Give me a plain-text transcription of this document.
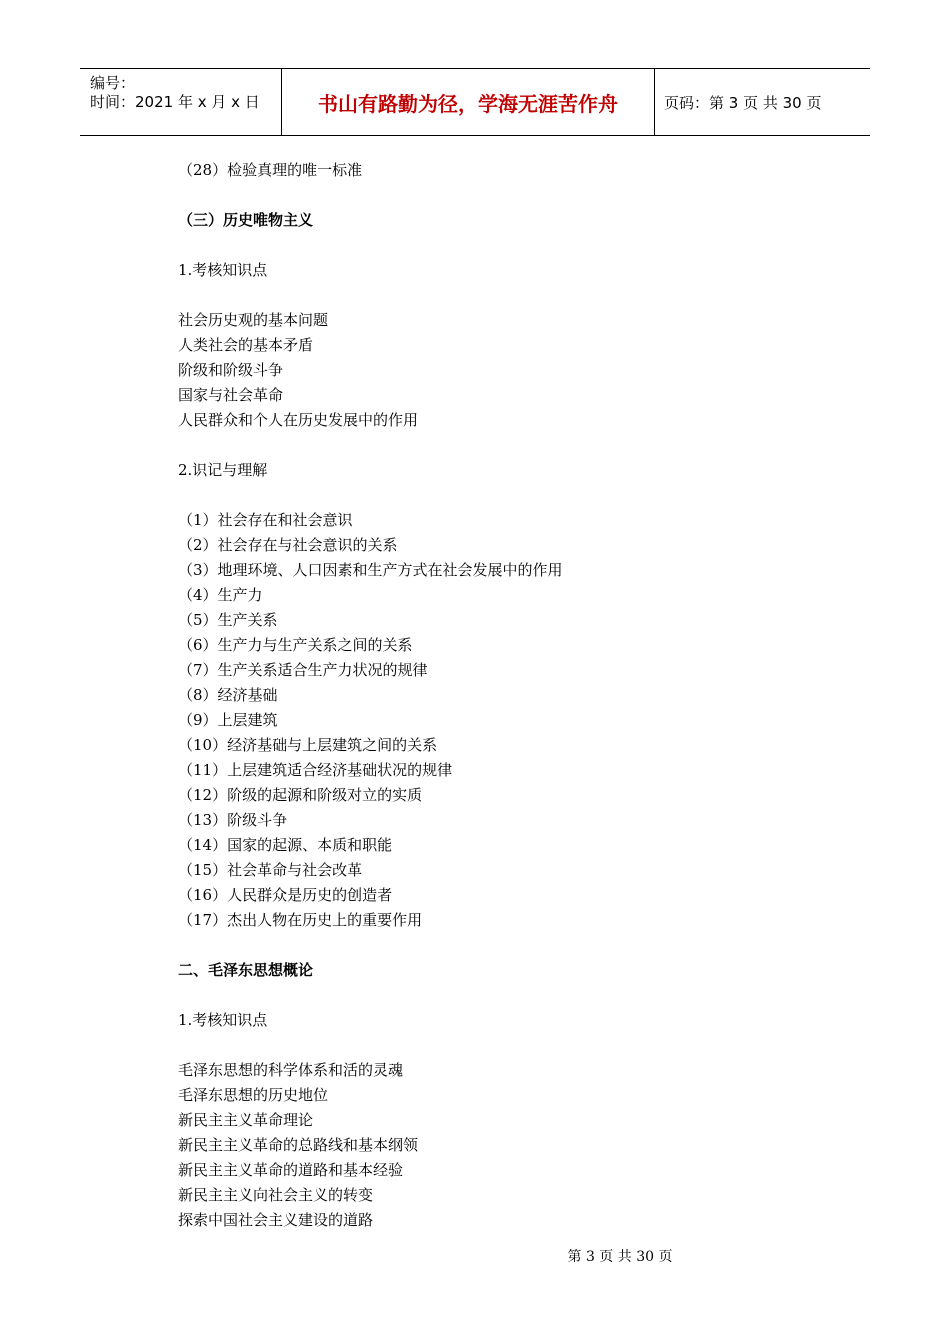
编号：
时间：2021 年 x 月 x 日	书山有路勤为径，学海无涯苦作舟	页码：第 3 页 共 30 页
（28）检验真理的唯一标准
（三）历史唯物主义
1.考核知识点
社会历史观的基本问题
人类社会的基本矛盾
阶级和阶级斗争
国家与社会革命
人民群众和个人在历史发展中的作用
2.识记与理解
（1）社会存在和社会意识
（2）社会存在与社会意识的关系
（3）地理环境、人口因素和生产方式在社会发展中的作用
（4）生产力
（5）生产关系
（6）生产力与生产关系之间的关系
（7）生产关系适合生产力状况的规律
（8）经济基础
（9）上层建筑
（10）经济基础与上层建筑之间的关系
（11）上层建筑适合经济基础状况的规律
（12）阶级的起源和阶级对立的实质
（13）阶级斗争
（14）国家的起源、本质和职能
（15）社会革命与社会改革
（16）人民群众是历史的创造者
（17）杰出人物在历史上的重要作用
二、毛泽东思想概论
1.考核知识点
毛泽东思想的科学体系和活的灵魂
毛泽东思想的历史地位
新民主主义革命理论
新民主主义革命的总路线和基本纲领
新民主主义革命的道路和基本经验
新民主主义向社会主义的转变
探索中国社会主义建设的道路
第 3 页 共 30 页
